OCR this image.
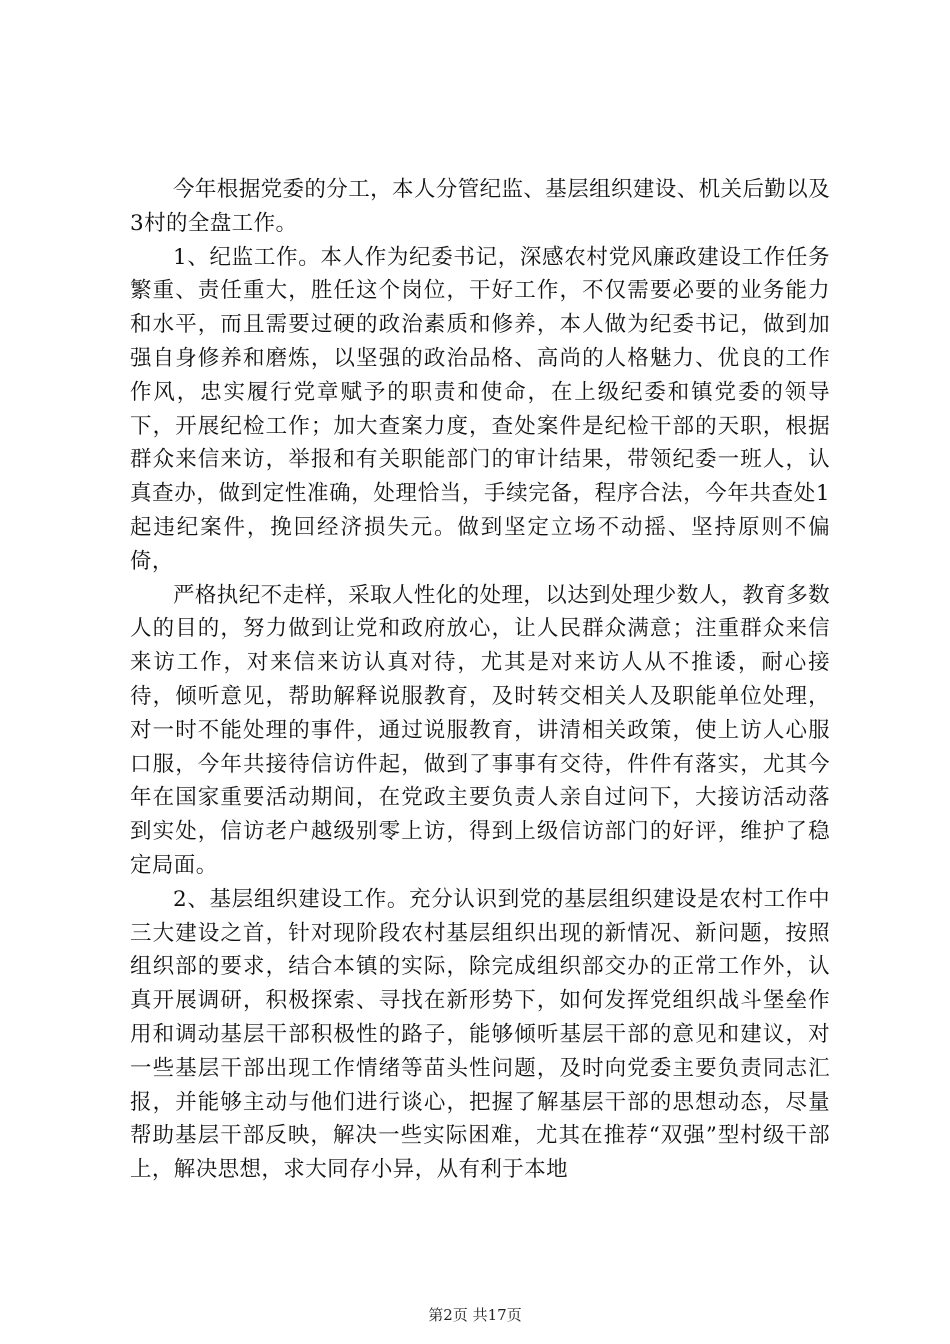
今年根据党委的分工，本人分管纪监、基层组织建设、机关后勤以及3村的全盘工作。

1、纪监工作。本人作为纪委书记，深感农村党风廉政建设工作任务繁重、责任重大，胜任这个岗位，干好工作，不仅需要必要的业务能力和水平，而且需要过硬的政治素质和修养，本人做为纪委书记，做到加强自身修养和磨炼，以坚强的政治品格、高尚的人格魅力、优良的工作作风，忠实履行党章赋予的职责和使命，在上级纪委和镇党委的领导下，开展纪检工作；加大查案力度，查处案件是纪检干部的天职，根据群众来信来访，举报和有关职能部门的审计结果，带领纪委一班人，认真查办，做到定性准确，处理恰当，手续完备，程序合法，今年共查处1起违纪案件，挽回经济损失元。做到坚定立场不动摇、坚持原则不偏倚，

严格执纪不走样，采取人性化的处理，以达到处理少数人，教育多数人的目的，努力做到让党和政府放心，让人民群众满意；注重群众来信来访工作，对来信来访认真对待，尤其是对来访人从不推诿，耐心接待，倾听意见，帮助解释说服教育，及时转交相关人及职能单位处理，对一时不能处理的事件，通过说服教育，讲清相关政策，使上访人心服口服，今年共接待信访件起，做到了事事有交待，件件有落实，尤其今年在国家重要活动期间，在党政主要负责人亲自过问下，大接访活动落到实处，信访老户越级别零上访，得到上级信访部门的好评，维护了稳定局面。

2、基层组织建设工作。充分认识到党的基层组织建设是农村工作中三大建设之首，针对现阶段农村基层组织出现的新情况、新问题，按照组织部的要求，结合本镇的实际，除完成组织部交办的正常工作外，认真开展调研，积极探索、寻找在新形势下，如何发挥党组织战斗堡垒作用和调动基层干部积极性的路子，能够倾听基层干部的意见和建议，对一些基层干部出现工作情绪等苗头性问题，及时向党委主要负责同志汇报，并能够主动与他们进行谈心，把握了解基层干部的思想动态，尽量帮助基层干部反映，解决一些实际困难，尤其在推荐“双强”型村级干部上，解决思想，求大同存小异，从有利于本地

第2页 共17页
